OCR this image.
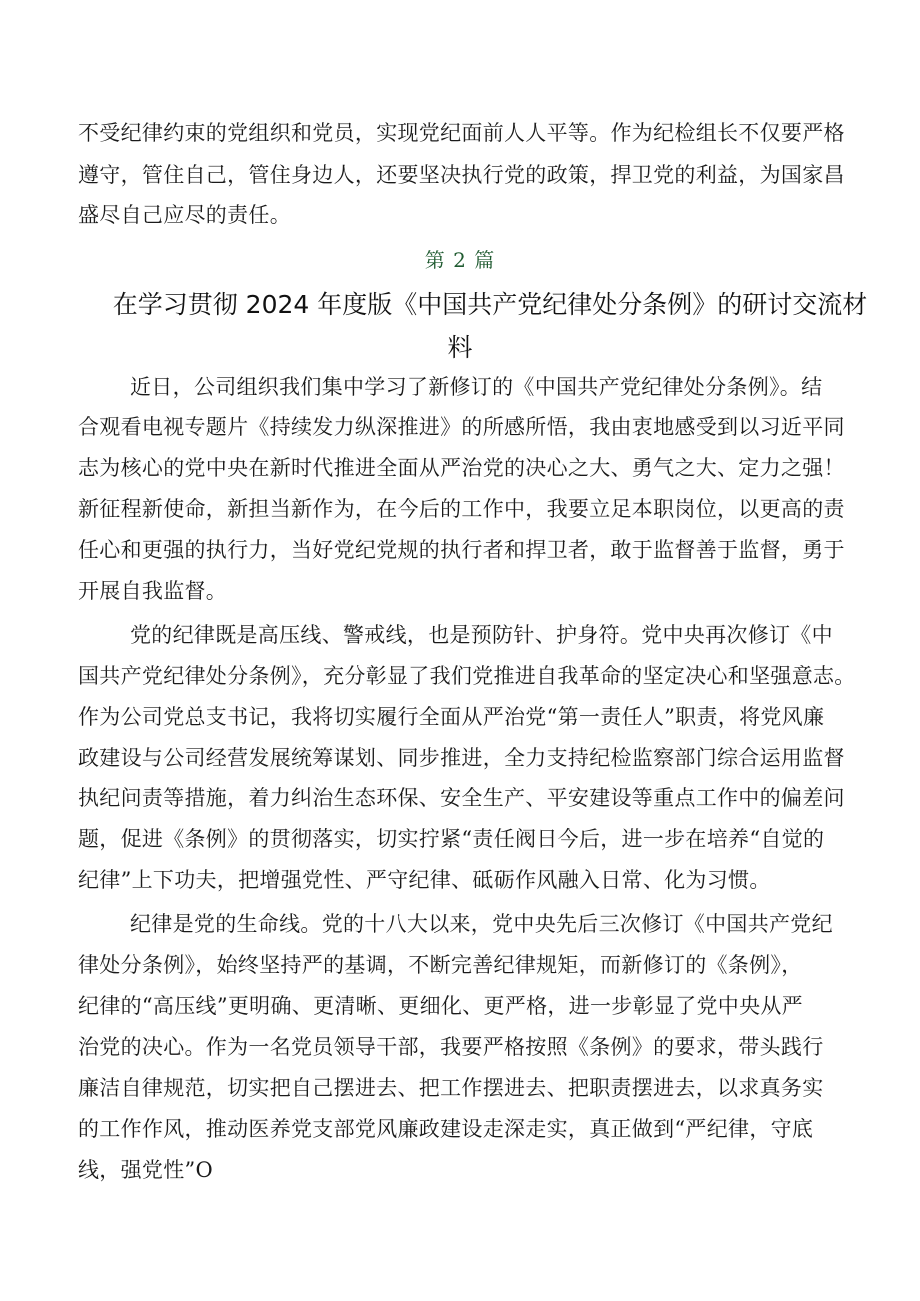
不受纪律约束的党组织和党员，实现党纪面前人人平等。作为纪检组长不仅要严格
遵守，管住自己，管住身边人，还要坚决执行党的政策，捍卫党的利益，为国家昌
盛尽自己应尽的责任。
第 2 篇
在学习贯彻 2024 年度版《中国共产党纪律处分条例》的研讨交流材
料
近日，公司组织我们集中学习了新修订的《中国共产党纪律处分条例》。结
合观看电视专题片《持续发力纵深推进》的所感所悟，我由衷地感受到以习近平同
志为核心的党中央在新时代推进全面从严治党的决心之大、勇气之大、定力之强！
新征程新使命，新担当新作为，在今后的工作中，我要立足本职岗位，以更高的责
任心和更强的执行力，当好党纪党规的执行者和捍卫者，敢于监督善于监督，勇于
开展自我监督。
党的纪律既是高压线、警戒线，也是预防针、护身符。党中央再次修订《中
国共产党纪律处分条例》，充分彰显了我们党推进自我革命的坚定决心和坚强意志。
作为公司党总支书记，我将切实履行全面从严治党“第一责任人”职责，将党风廉
政建设与公司经营发展统筹谋划、同步推进，全力支持纪检监察部门综合运用监督
执纪问责等措施，着力纠治生态环保、安全生产、平安建设等重点工作中的偏差问
题，促进《条例》的贯彻落实，切实拧紧“责任阀日今后，进一步在培养“自觉的
纪律”上下功夫，把增强党性、严守纪律、砥砺作风融入日常、化为习惯。
纪律是党的生命线。党的十八大以来，党中央先后三次修订《中国共产党纪
律处分条例》，始终坚持严的基调，不断完善纪律规矩，而新修订的《条例》，
纪律的“高压线”更明确、更清晰、更细化、更严格，进一步彰显了党中央从严
治党的决心。作为一名党员领导干部，我要严格按照《条例》的要求，带头践行
廉洁自律规范，切实把自己摆进去、把工作摆进去、把职责摆进去，以求真务实
的工作作风，推动医养党支部党风廉政建设走深走实，真正做到“严纪律，守底
线，强党性”O
